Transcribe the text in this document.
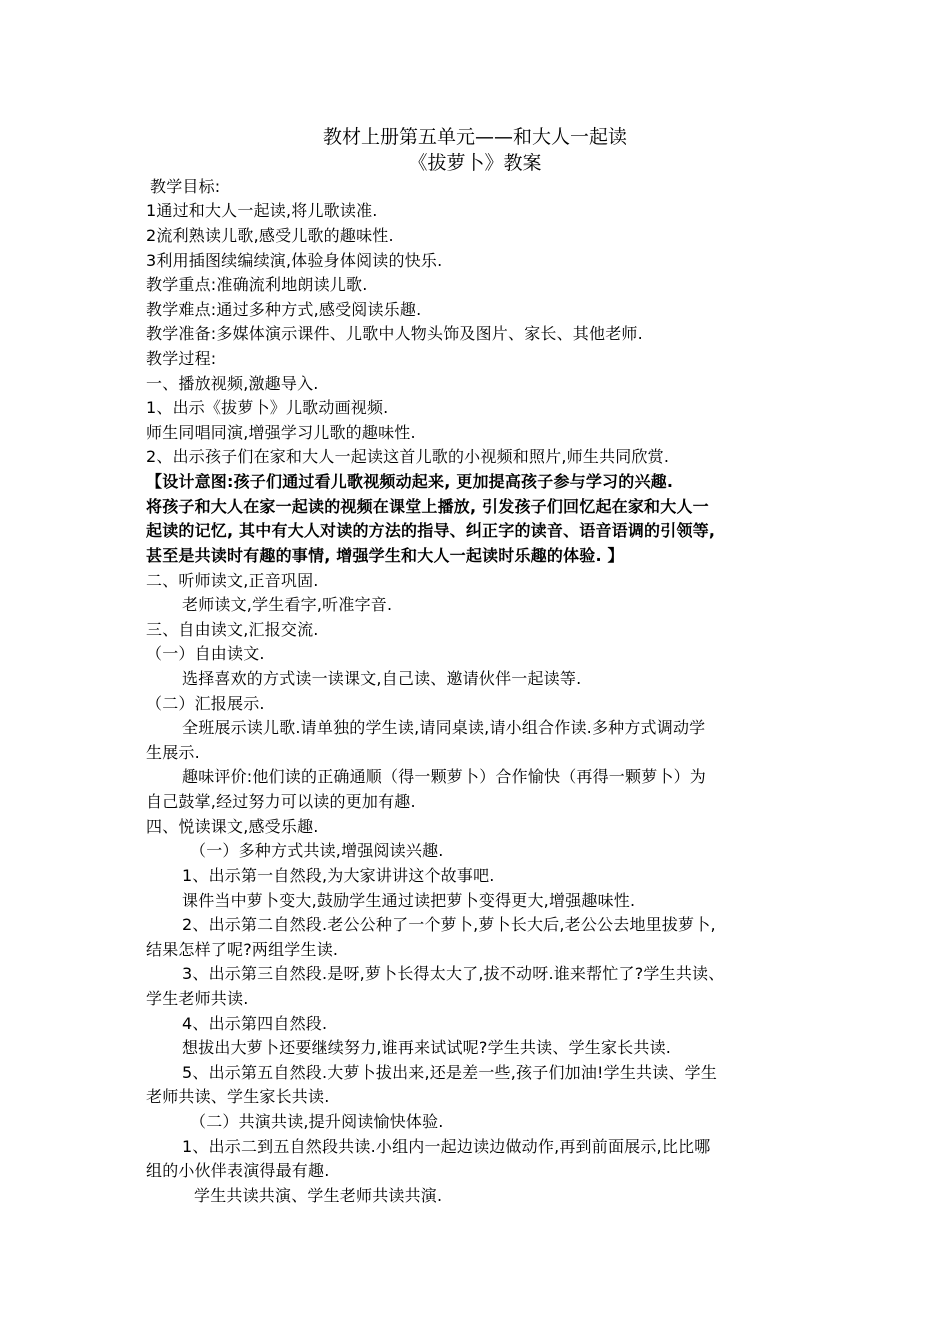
教材上册第五单元——和大人一起读
《拔萝卜》教案
教学目标:
1通过和大人一起读,将儿歌读准.
2流利熟读儿歌,感受儿歌的趣味性.
3利用插图续编续演,体验身体阅读的快乐.
教学重点:准确流利地朗读儿歌.
教学难点:通过多种方式,感受阅读乐趣.
教学准备:多媒体演示课件、儿歌中人物头饰及图片、家长、其他老师.
教学过程:
一、播放视频,激趣导入.
1、出示《拔萝卜》儿歌动画视频.
师生同唱同演,增强学习儿歌的趣味性.
2、出示孩子们在家和大人一起读这首儿歌的小视频和照片,师生共同欣赏.
【设计意图:孩子们通过看儿歌视频动起来, 更加提高孩子参与学习的兴趣.
将孩子和大人在家一起读的视频在课堂上播放, 引发孩子们回忆起在家和大人一
起读的记忆, 其中有大人对读的方法的指导、纠正字的读音、语音语调的引领等,
甚至是共读时有趣的事情, 增强学生和大人一起读时乐趣的体验. 】
二、听师读文,正音巩固.
老师读文,学生看字,听准字音.
三、自由读文,汇报交流.
（一）自由读文.
选择喜欢的方式读一读课文,自己读、邀请伙伴一起读等.
（二）汇报展示.
全班展示读儿歌.请单独的学生读,请同桌读,请小组合作读.多种方式调动学
生展示.
趣味评价:他们读的正确通顺（得一颗萝卜）合作愉快（再得一颗萝卜）为
自己鼓掌,经过努力可以读的更加有趣.
四、悦读课文,感受乐趣.
（一）多种方式共读,增强阅读兴趣.
1、出示第一自然段,为大家讲讲这个故事吧.
课件当中萝卜变大,鼓励学生通过读把萝卜变得更大,增强趣味性.
2、出示第二自然段.老公公种了一个萝卜,萝卜长大后,老公公去地里拔萝卜,
结果怎样了呢?两组学生读.
3、出示第三自然段.是呀,萝卜长得太大了,拔不动呀.谁来帮忙了?学生共读、
学生老师共读.
4、出示第四自然段.
想拔出大萝卜还要继续努力,谁再来试试呢?学生共读、学生家长共读.
5、出示第五自然段.大萝卜拔出来,还是差一些,孩子们加油!学生共读、学生
老师共读、学生家长共读.
（二）共演共读,提升阅读愉快体验.
1、出示二到五自然段共读.小组内一起边读边做动作,再到前面展示,比比哪
组的小伙伴表演得最有趣.
学生共读共演、学生老师共读共演.
